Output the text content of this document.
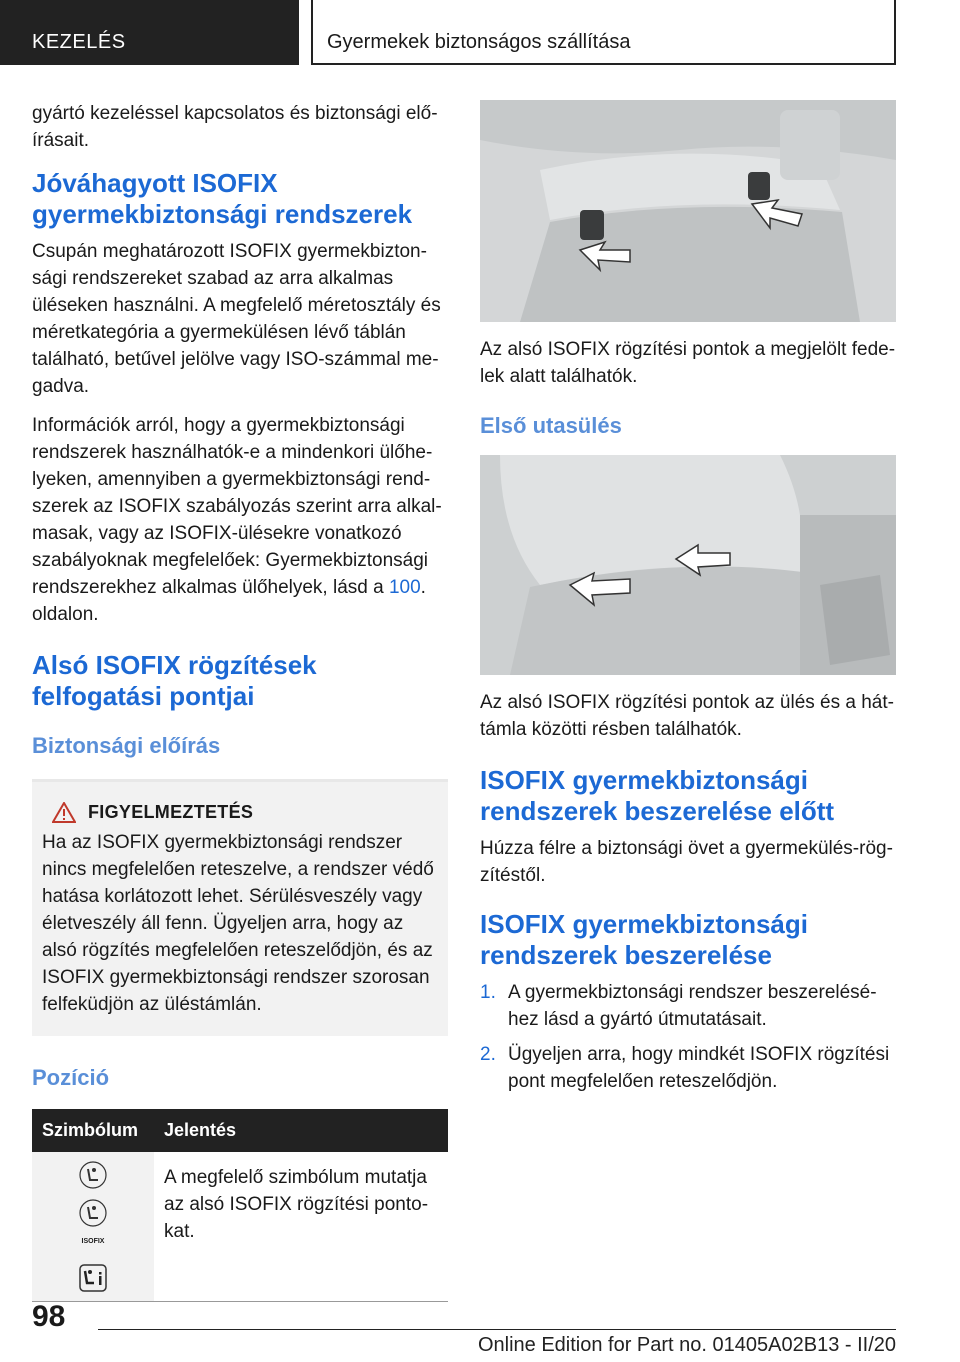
KEZELÉS	Gyermekek biztonságos szállítása

gyártó kezeléssel kapcsolatos és biztonsági előírásait.

Jóváhagyott ISOFIX gyermekbiztonsági rendszerek

Csupán meghatározott ISOFIX gyermekbiztonsági rendszereket szabad az arra alkalmas üléseken használni. A megfelelő méretosztály és méretkategória a gyermekülésen lévő táblán található, betűvel jelölve vagy ISO-számmal megadva.

Információk arról, hogy a gyermekbiztonsági rendszerek használhatók-e a mindenkori ülőhelyeken, amennyiben a gyermekbiztonsági rendszerek az ISOFIX szabályozás szerint arra alkalmasak, vagy az ISOFIX-ülésekre vonatkozó szabályoknak megfelelőek: Gyermekbiztonsági rendszerekhez alkalmas ülőhelyek, lásd a 100. oldalon.

Alsó ISOFIX rögzítések felfogatási pontjai
Biztonsági előírás
FIGYELMEZTETÉS

Ha az ISOFIX gyermekbiztonsági rendszer nincs megfelelően reteszelve, a rendszer védő hatása korlátozott lehet. Sérülésveszély vagy életveszély áll fenn. Ügyeljen arra, hogy az alsó rögzítés megfelelően reteszelődjön, és az ISOFIX gyermekbiztonsági rendszer szorosan felfeküdjön az üléstámlán.

Pozíció
Szimbólum	Jelentés

ISOFIX	A megfelelő szimbólum mutatja az alsó ISOFIX rögzítési pontokat.

Az alsó ISOFIX rögzítési pontok a megjelölt fedelek alatt találhatók.

Első utasülés

Az alsó ISOFIX rögzítési pontok az ülés és a háttámla közötti résben találhatók.

ISOFIX gyermekbiztonsági rendszerek beszerelése előtt

Húzza félre a biztonsági övet a gyermekülés-rögzítéstől.

ISOFIX gyermekbiztonsági rendszerek beszerelése
1. A gyermekbiztonsági rendszer beszereléséhez lásd a gyártó útmutatásait.
2. Ügyeljen arra, hogy mindkét ISOFIX rögzítési pont megfelelően reteszelődjön.
98
Online Edition for Part no. 01405A02B13 - II/20
